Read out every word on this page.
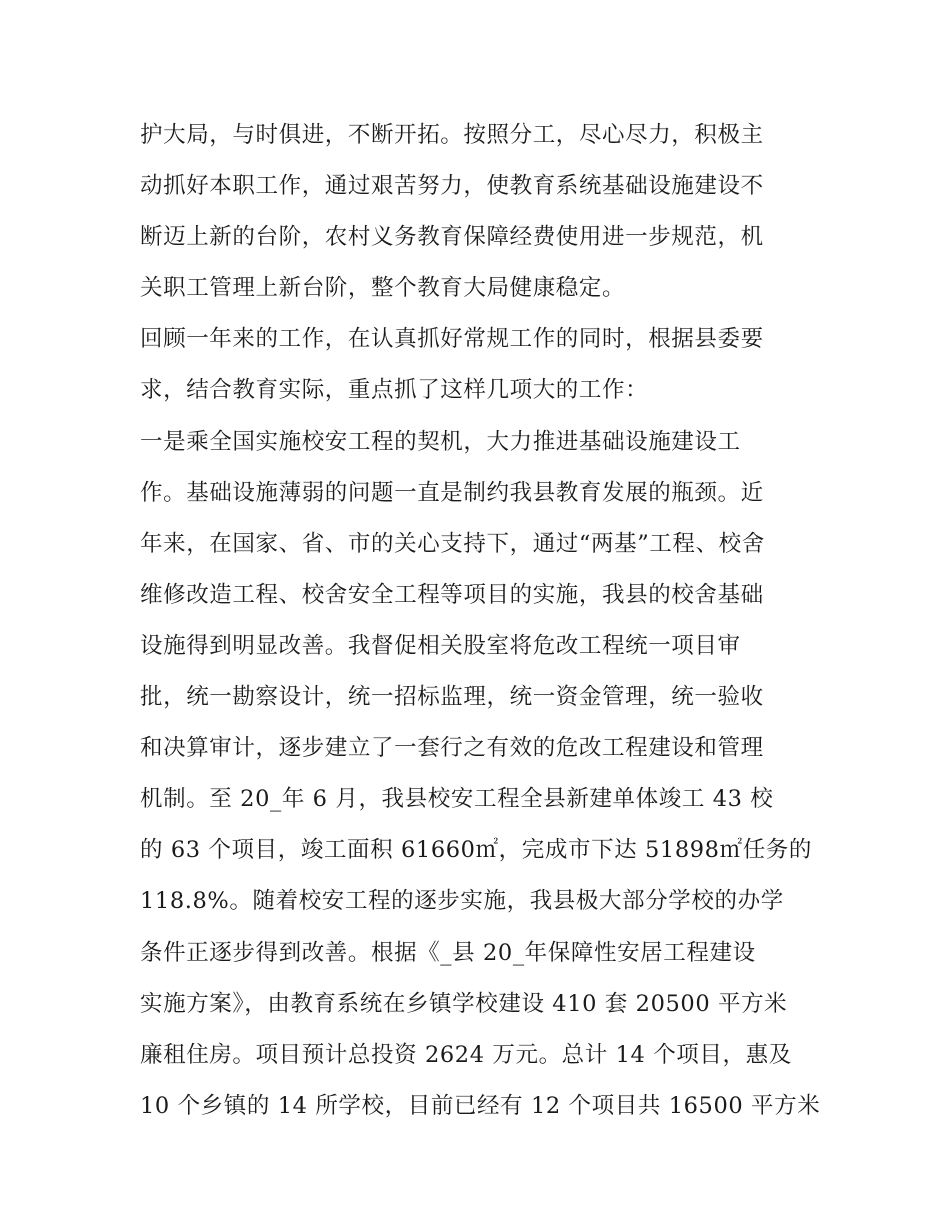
护大局，与时俱进，不断开拓。按照分工，尽心尽力，积极主
动抓好本职工作，通过艰苦努力，使教育系统基础设施建设不
断迈上新的台阶，农村义务教育保障经费使用进一步规范，机
关职工管理上新台阶，整个教育大局健康稳定。
回顾一年来的工作，在认真抓好常规工作的同时，根据县委要
求，结合教育实际，重点抓了这样几项大的工作：
一是乘全国实施校安工程的契机，大力推进基础设施建设工
作。基础设施薄弱的问题一直是制约我县教育发展的瓶颈。近
年来，在国家、省、市的关心支持下，通过“两基”工程、校舍
维修改造工程、校舍安全工程等项目的实施，我县的校舍基础
设施得到明显改善。我督促相关股室将危改工程统一项目审
批，统一勘察设计，统一招标监理，统一资金管理，统一验收
和决算审计，逐步建立了一套行之有效的危改工程建设和管理
机制。至 20_年 6 月，我县校安工程全县新建单体竣工 43 校
的 63 个项目，竣工面积 61660㎡，完成市下达 51898㎡任务的
118.8%。随着校安工程的逐步实施，我县极大部分学校的办学
条件正逐步得到改善。根据《_县 20_年保障性安居工程建设
实施方案》，由教育系统在乡镇学校建设 410 套 20500 平方米
廉租住房。项目预计总投资 2624 万元。总计 14 个项目，惠及
10 个乡镇的 14 所学校，目前已经有 12 个项目共 16500 平方米
